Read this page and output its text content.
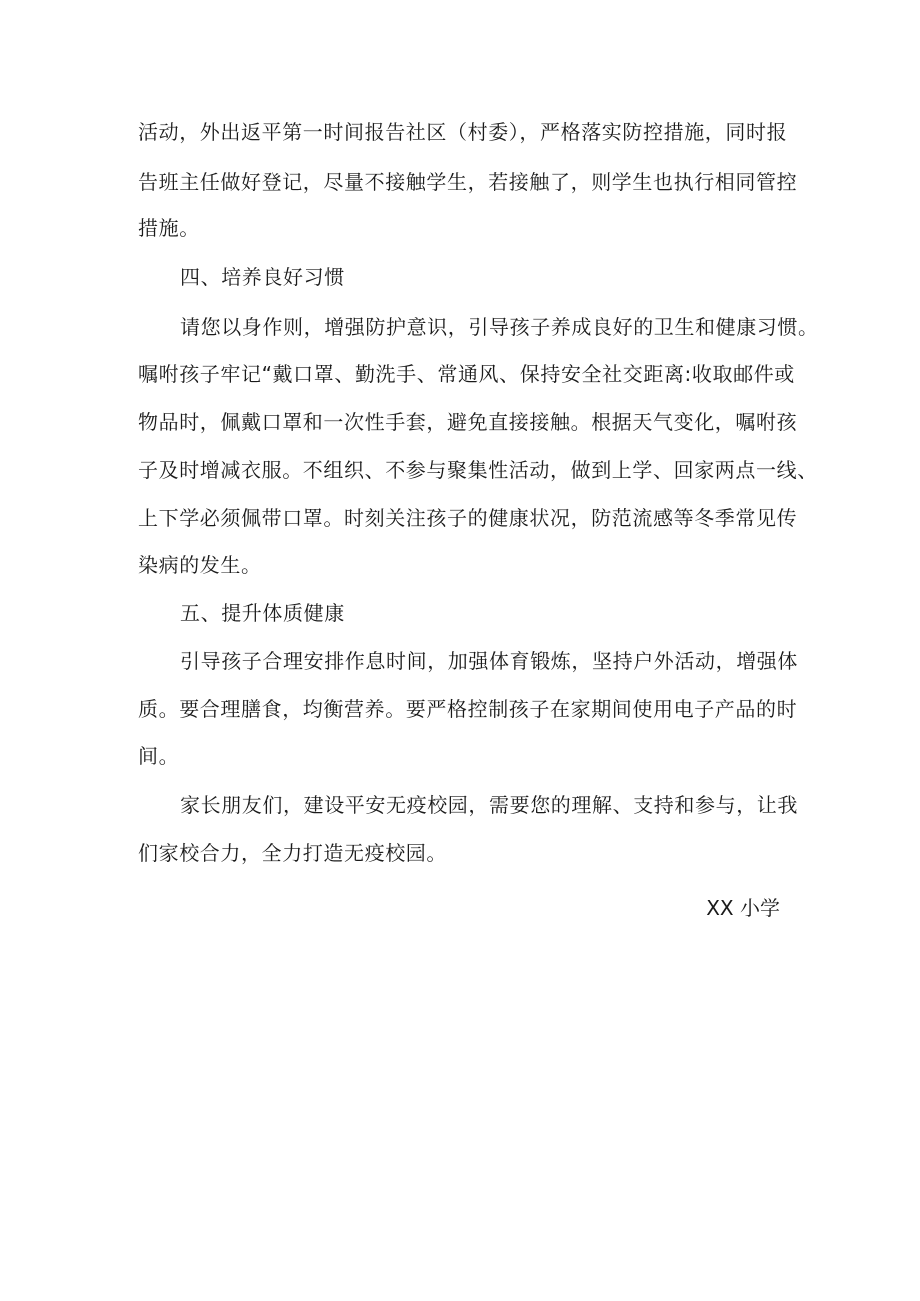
活动，外出返平第一时间报告社区（村委），严格落实防控措施，同时报
告班主任做好登记，尽量不接触学生，若接触了，则学生也执行相同管控
措施。
四、培养良好习惯
请您以身作则，增强防护意识，引导孩子养成良好的卫生和健康习惯。
嘱咐孩子牢记“戴口罩、勤洗手、常通风、保持安全社交距离:收取邮件或
物品时，佩戴口罩和一次性手套，避免直接接触。根据天气变化，嘱咐孩
子及时增减衣服。不组织、不参与聚集性活动，做到上学、回家两点一线、
上下学必须佩带口罩。时刻关注孩子的健康状况，防范流感等冬季常见传
染病的发生。
五、提升体质健康
引导孩子合理安排作息时间，加强体育锻炼，坚持户外活动，增强体
质。要合理膳食，均衡营养。要严格控制孩子在家期间使用电子产品的时
间。
家长朋友们，建设平安无疫校园，需要您的理解、支持和参与，让我
们家校合力，全力打造无疫校园。
XX 小学
